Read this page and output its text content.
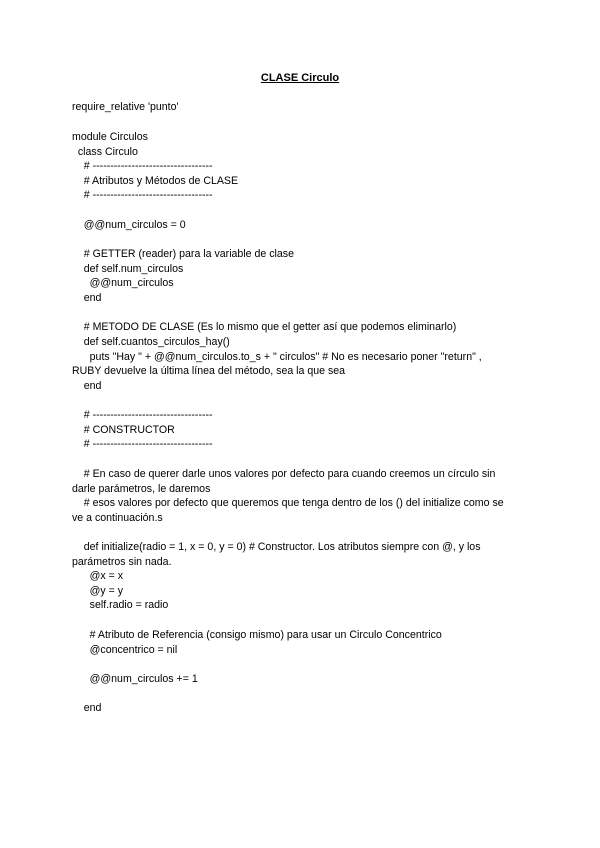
CLASE Circulo
require_relative 'punto'
module Circulos
class Circulo
# ----------------------------------
# Atributos y Métodos de CLASE
# ----------------------------------
@@num_circulos = 0
# GETTER (reader) para la variable de clase
def self.num_circulos
@@num_circulos
end
# METODO DE CLASE (Es lo mismo que el getter así que podemos eliminarlo)
def self.cuantos_circulos_hay()
puts "Hay " + @@num_circulos.to_s + " circulos" # No es necesario poner "return" ,
RUBY devuelve la última línea del método, sea la que sea
end
# ----------------------------------
# CONSTRUCTOR
# ----------------------------------
# En caso de querer darle unos valores por defecto para cuando creemos un círculo sin
darle parámetros, le daremos
# esos valores por defecto que queremos que tenga dentro de los () del initialize como se
ve a continuación.s
def initialize(radio = 1, x = 0, y = 0) # Constructor. Los atributos siempre con @, y los
parámetros sin nada.
@x = x
@y = y
self.radio = radio
# Atributo de Referencia (consigo mismo) para usar un Circulo Concentrico
@concentrico = nil
@@num_circulos += 1
end
